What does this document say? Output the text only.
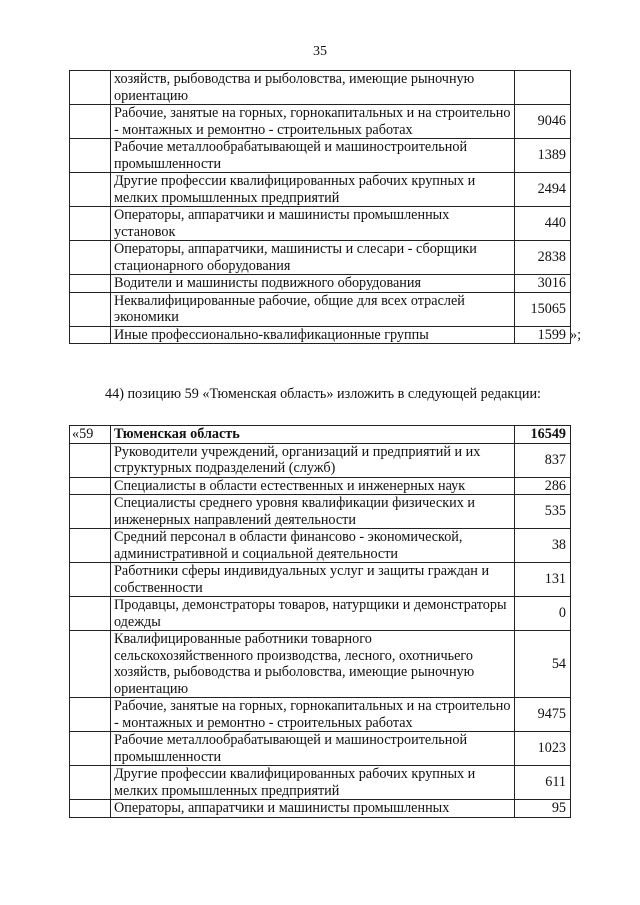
35
	хозяйств, рыбоводства и рыболовства, имеющие рыночную ориентацию	
	Рабочие, занятые на горных, горнокапитальных и на строительно - монтажных и ремонтно - строительных работах	9046
	Рабочие металлообрабатывающей и машиностроительной промышленности	1389
	Другие профессии квалифицированных рабочих крупных и мелких промышленных предприятий	2494
	Операторы, аппаратчики и машинисты промышленных установок	440
	Операторы, аппаратчики, машинисты и слесари - сборщики стационарного оборудования	2838
	Водители и машинисты подвижного оборудования	3016
	Неквалифицированные рабочие, общие для всех отраслей экономики	15065
	Иные профессионально-квалификационные группы	1599 »;
44) позицию 59 «Тюменская область» изложить в следующей редакции:
«59	Тюменская область	16549
	Руководители учреждений, организаций и предприятий и их структурных подразделений (служб)	837
	Специалисты в области естественных и инженерных наук	286
	Специалисты среднего уровня квалификации физических и инженерных направлений деятельности	535
	Средний персонал в области финансово - экономической, административной и социальной деятельности	38
	Работники сферы индивидуальных услуг и защиты граждан и собственности	131
	Продавцы, демонстраторы товаров, натурщики и демонстраторы одежды	0
	Квалифицированные работники товарного сельскохозяйственного производства, лесного, охотничьего хозяйств, рыбоводства и рыболовства, имеющие рыночную ориентацию	54
	Рабочие, занятые на горных, горнокапитальных и на строительно - монтажных и ремонтно - строительных работах	9475
	Рабочие металлообрабатывающей и машиностроительной промышленности	1023
	Другие профессии квалифицированных рабочих крупных и мелких промышленных предприятий	611
	Операторы, аппаратчики и машинисты промышленных	95
